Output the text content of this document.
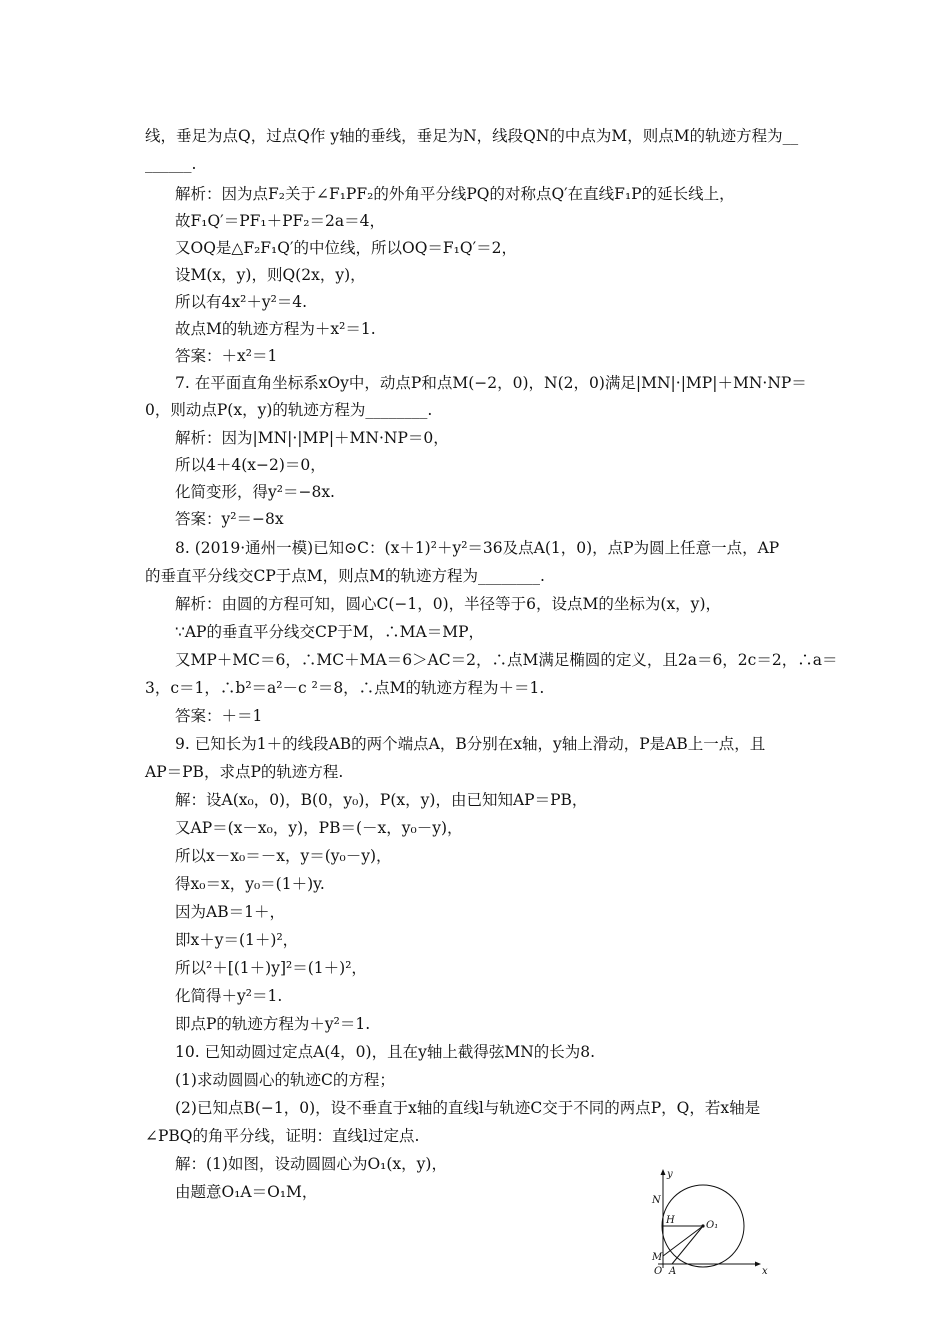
线，垂足为点Q，过点Q作 y轴的垂线，垂足为N，线段QN的中点为M，则点M的轨迹方程为__
______.
解析：因为点F₂关于∠F₁PF₂的外角平分线PQ的对称点Q′在直线F₁P的延长线上，
故F₁Q′＝PF₁＋PF₂＝2a＝4，
又OQ是△F₂F₁Q′的中位线，所以OQ＝F₁Q′＝2，
设M(x，y)，则Q(2x，y)，
所以有4x²＋y²＝4.
故点M的轨迹方程为＋x²＝1.
答案：＋x²＝1
7. 在平面直角坐标系xOy中，动点P和点M(−2，0)，N(2，0)满足|MN|·|MP|＋MN·NP＝
0，则动点P(x，y)的轨迹方程为________.
解析：因为|MN|·|MP|＋MN·NP＝0，
所以4＋4(x−2)＝0，
化简变形，得y²＝−8x.
答案：y²＝−8x
8. (2019·通州一模)已知⊙C：(x＋1)²＋y²＝36及点A(1，0)，点P为圆上任意一点，AP
的垂直平分线交CP于点M，则点M的轨迹方程为________.
解析：由圆的方程可知，圆心C(−1，0)，半径等于6，设点M的坐标为(x，y)，
∵AP的垂直平分线交CP于M，∴MA＝MP，
又MP＋MC＝6，∴MC＋MA＝6＞AC＝2，∴点M满足椭圆的定义，且2a＝6，2c＝2，∴a＝
3，c＝1，∴b²＝a²－c ²＝8，∴点M的轨迹方程为＋＝1.
答案：＋＝1
9. 已知长为1＋的线段AB的两个端点A，B分别在x轴，y轴上滑动，P是AB上一点，且
AP＝PB，求点P的轨迹方程.
解：设A(x₀，0)，B(0，y₀)，P(x，y)，由已知知AP＝PB，
又AP＝(x－x₀，y)，PB＝(－x，y₀－y)，
所以x－x₀＝－x，y＝(y₀－y)，
得x₀＝x，y₀＝(1＋)y.
因为AB＝1＋，
即x＋y＝(1＋)²，
所以²＋[(1＋)y]²＝(1＋)²，
化简得＋y²＝1.
即点P的轨迹方程为＋y²＝1.
10. 已知动圆过定点A(4，0)，且在y轴上截得弦MN的长为8.
(1)求动圆圆心的轨迹C的方程；
(2)已知点B(−1，0)，设不垂直于x轴的直线l与轨迹C交于不同的两点P，Q，若x轴是
∠PBQ的角平分线，证明：直线l过定点.
解：(1)如图，设动圆圆心为O₁(x，y)，
由题意O₁A＝O₁M，
y
x
N
H	O₁
M
O A
